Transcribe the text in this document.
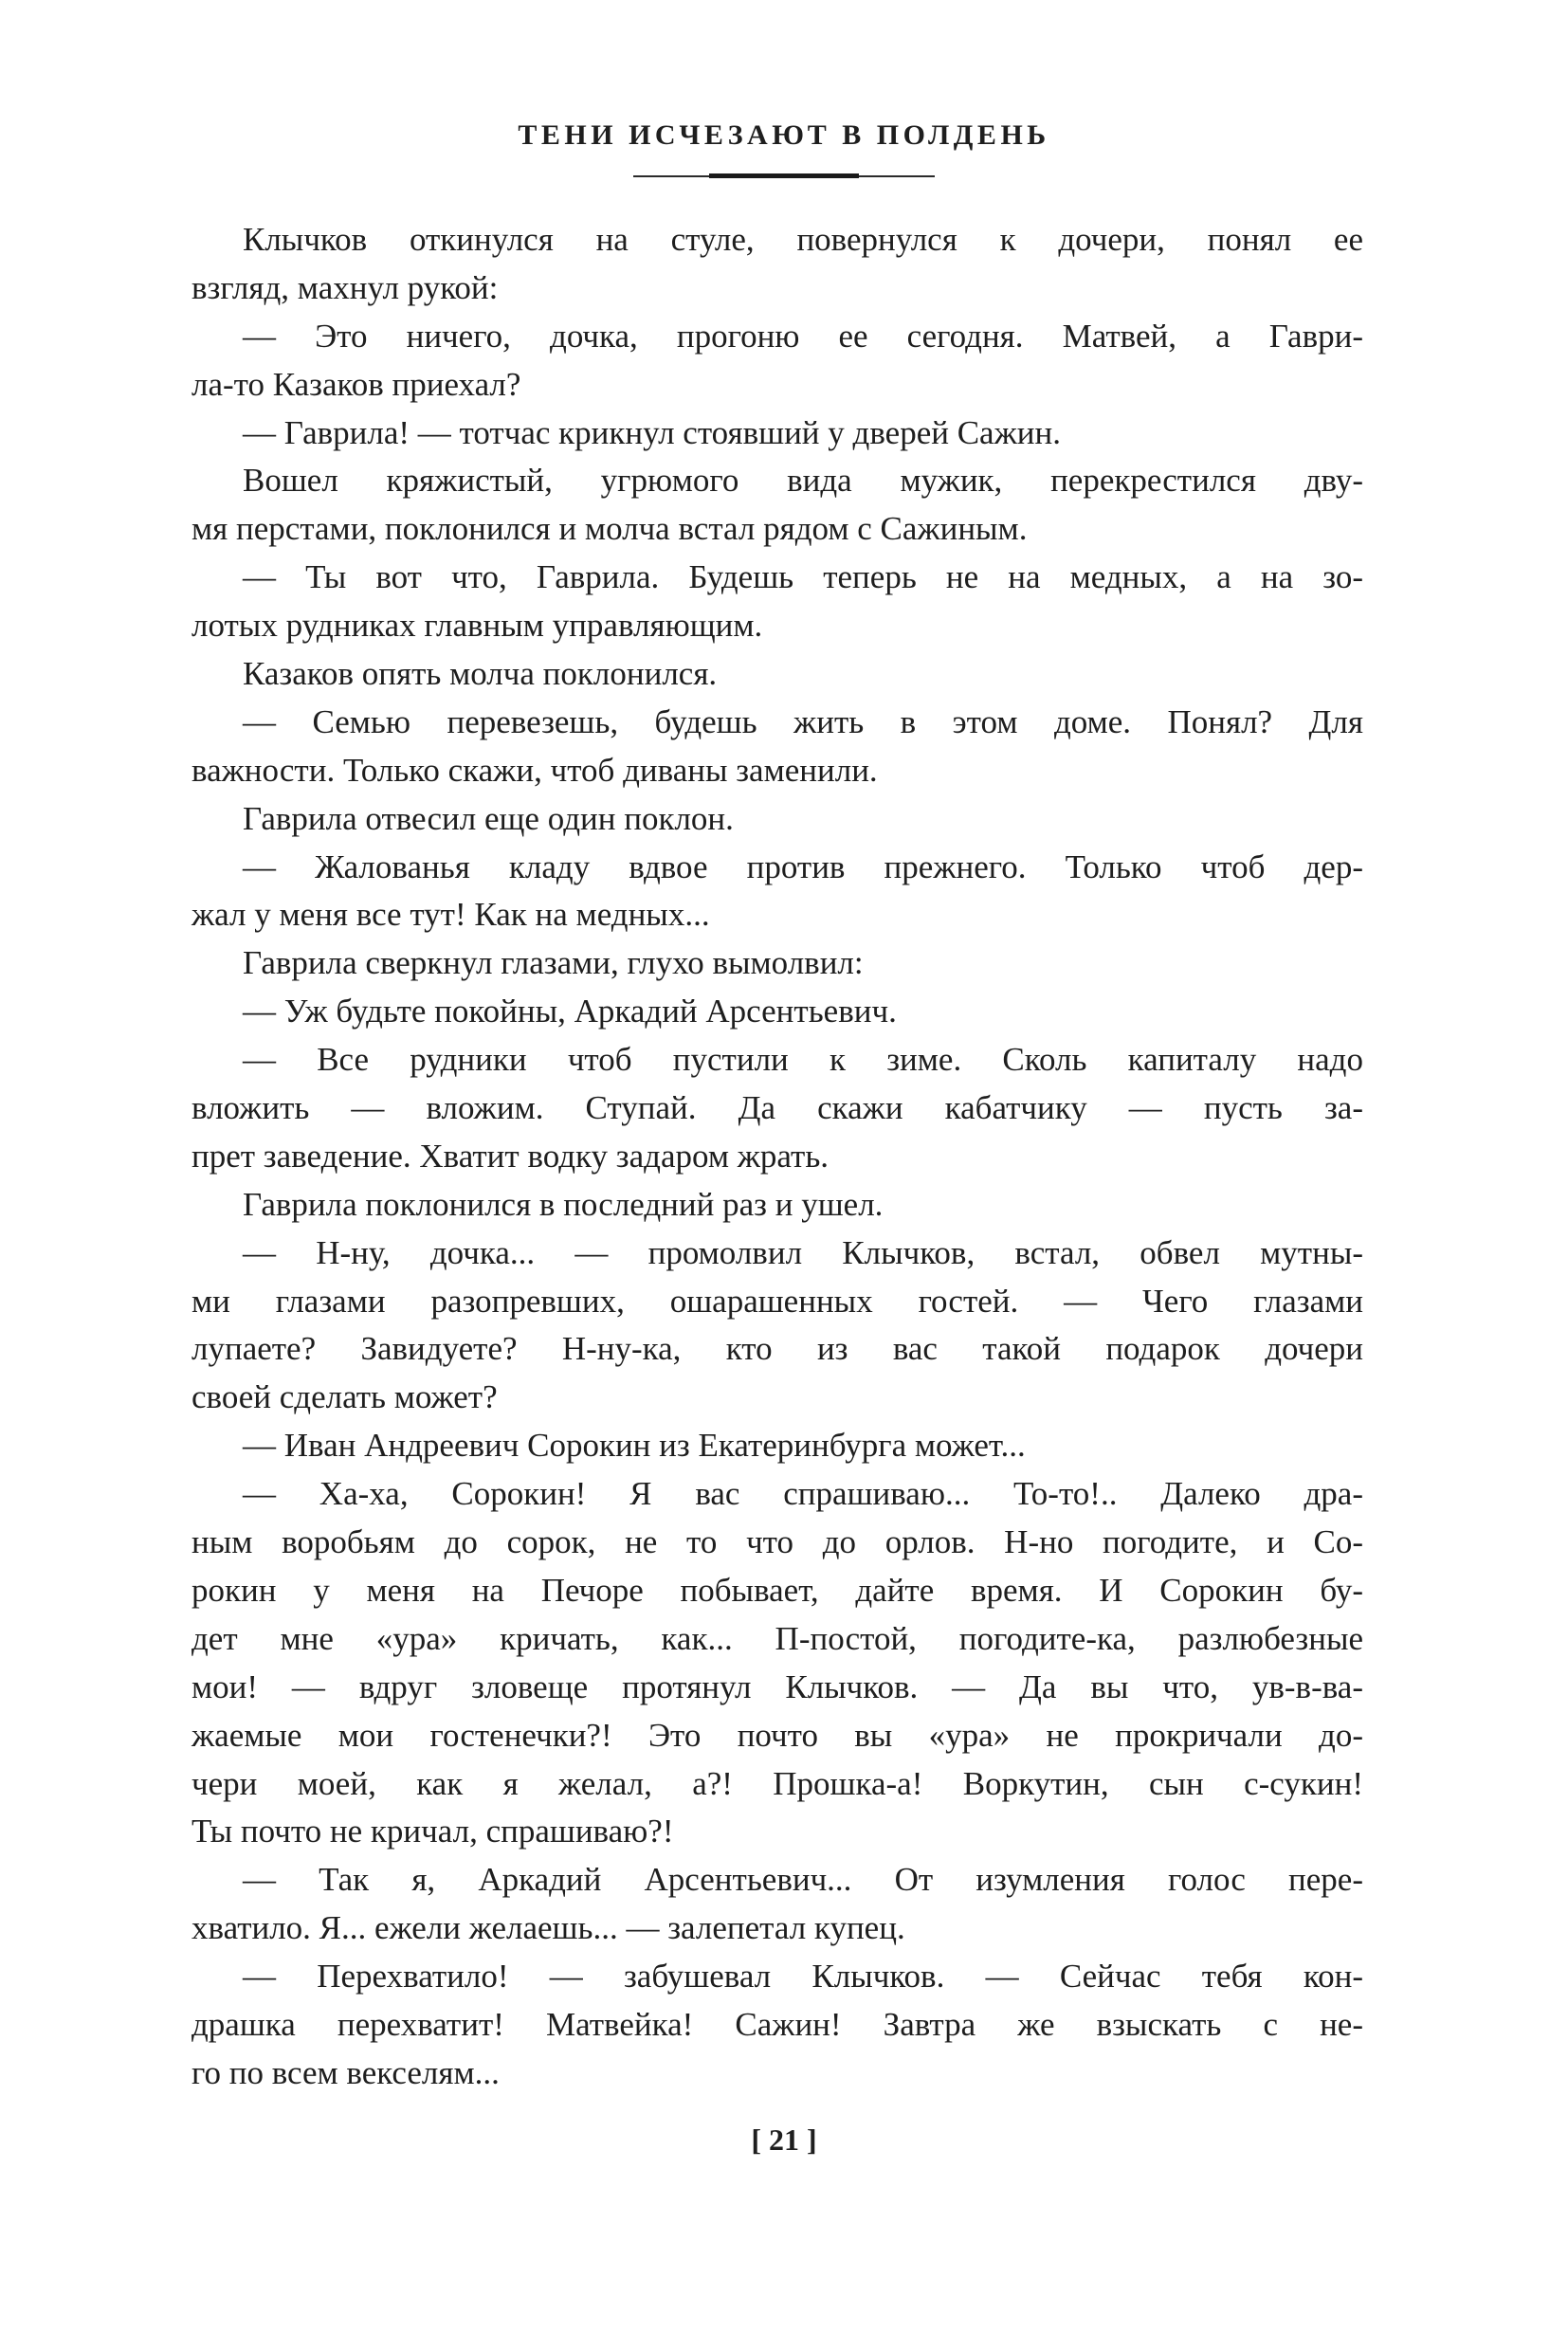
ТЕНИ ИСЧЕЗАЮТ В ПОЛДЕНЬ
Клычков откинулся на стуле, повернулся к дочери, понял ее
взгляд, махнул рукой:
— Это ничего, дочка, прогоню ее сегодня. Матвей, а Гаври-
ла-то Казаков приехал?
— Гаврила! — тотчас крикнул стоявший у дверей Сажин.
Вошел кряжистый, угрюмого вида мужик, перекрестился дву-
мя перстами, поклонился и молча встал рядом с Сажиным.
— Ты вот что, Гаврила. Будешь теперь не на медных, а на зо-
лотых рудниках главным управляющим.
Казаков опять молча поклонился.
— Семью перевезешь, будешь жить в этом доме. Понял? Для
важности. Только скажи, чтоб диваны заменили.
Гаврила отвесил еще один поклон.
— Жалованья кладу вдвое против прежнего. Только чтоб дер-
жал у меня все тут! Как на медных...
Гаврила сверкнул глазами, глухо вымолвил:
— Уж будьте покойны, Аркадий Арсентьевич.
— Все рудники чтоб пустили к зиме. Сколь капиталу надо
вложить — вложим. Ступай. Да скажи кабатчику — пусть за-
прет заведение. Хватит водку задаром жрать.
Гаврила поклонился в последний раз и ушел.
— Н-ну, дочка... — промолвил Клычков, встал, обвел мутны-
ми глазами разопревших, ошарашенных гостей. — Чего глазами
лупаете? Завидуете? Н-ну-ка, кто из вас такой подарок дочери
своей сделать может?
— Иван Андреевич Сорокин из Екатеринбурга может...
— Ха-ха, Сорокин! Я вас спрашиваю... То-то!.. Далеко дра-
ным воробьям до сорок, не то что до орлов. Н-но погодите, и Со-
рокин у меня на Печоре побывает, дайте время. И Сорокин бу-
дет мне «ура» кричать, как... П-постой, погодите-ка, разлюбезные
мои! — вдруг зловеще протянул Клычков. — Да вы что, ув-в-ва-
жаемые мои гостенечки?! Это почто вы «ура» не прокричали до-
чери моей, как я желал, а?! Прошка-а! Воркутин, сын с-сукин!
Ты почто не кричал, спрашиваю?!
— Так я, Аркадий Арсентьевич... От изумления голос пере-
хватило. Я... ежели желаешь... — залепетал купец.
— Перехватило! — забушевал Клычков. — Сейчас тебя кон-
драшка перехватит! Матвейка! Сажин! Завтра же взыскать с не-
го по всем векселям...
[ 21 ]
